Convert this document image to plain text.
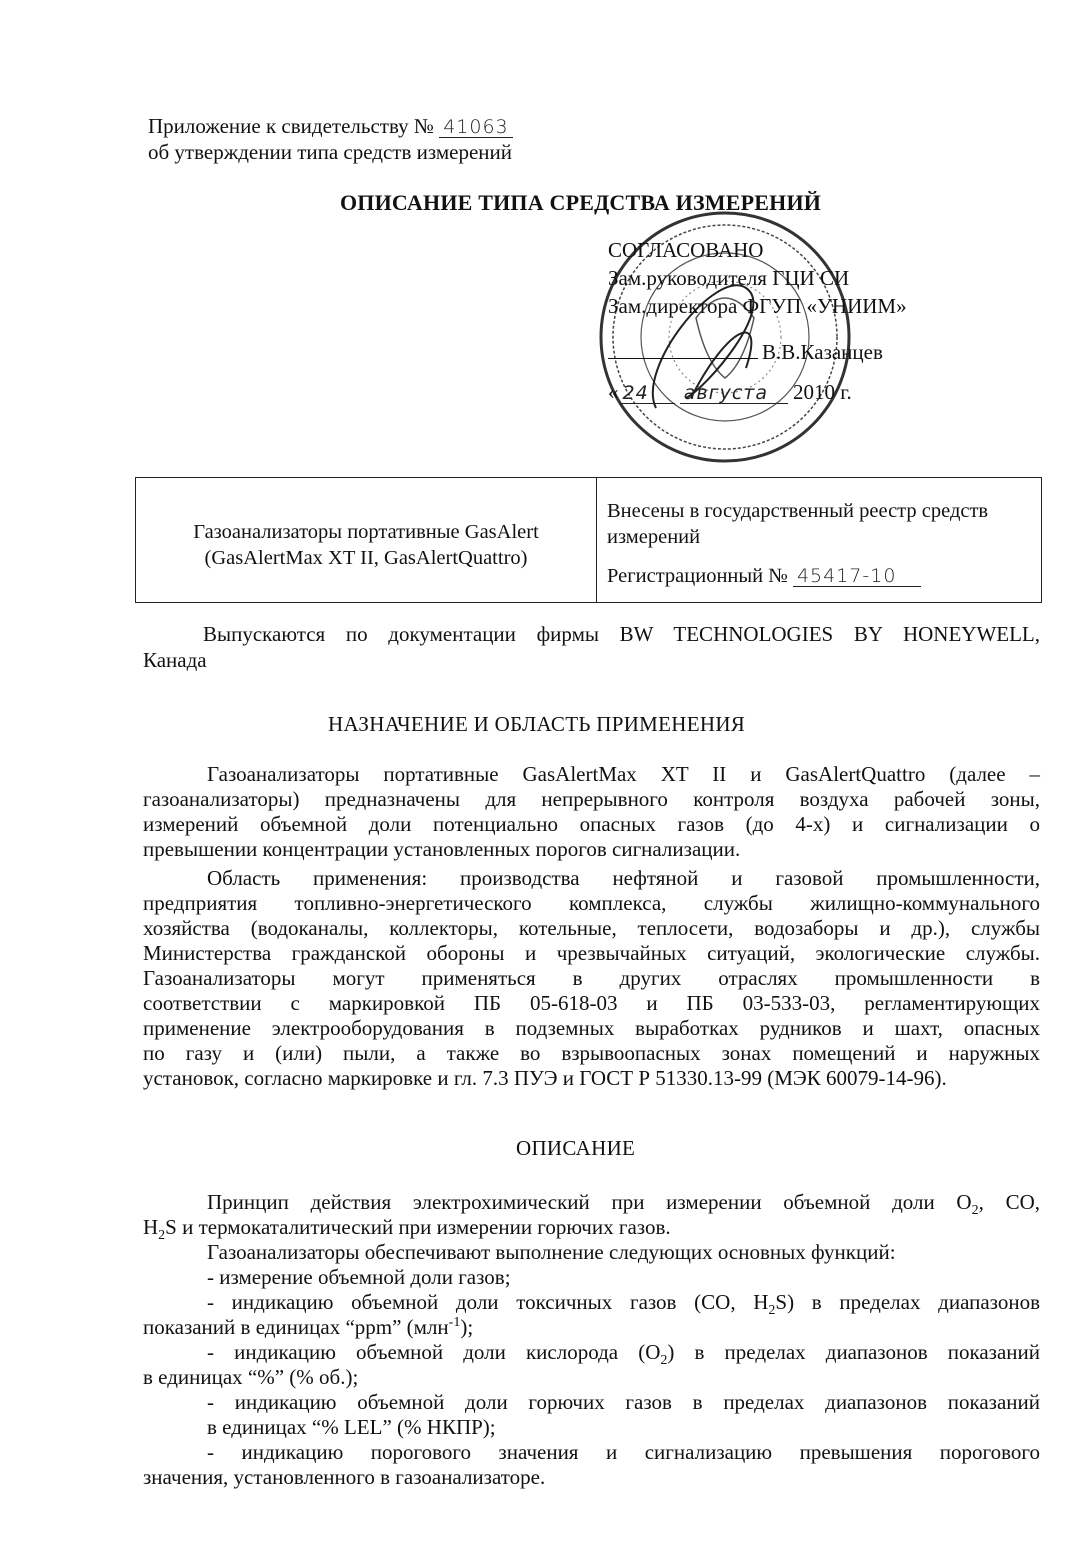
Приложение к свидетельству № 41063
об утверждении типа средств измерений
ОПИСАНИЕ ТИПА СРЕДСТВА ИЗМЕРЕНИЙ
СОГЛАСОВАНО
Зам.руководителя ГЦИ СИ
Зам.директора ФГУП «УНИИМ»
В.В.Казанцев
« 24 августа 2010 г.
Газоанализаторы портативные GasAlert
(GasAlertMax XT II, GasAlertQuattro)
Внесены в государственный реестр средств
измерений
Регистрационный № 45417-10
Выпускаются по документации фирмы BW TECHNOLOGIES BY HONEYWELL,
Канада
НАЗНАЧЕНИЕ И ОБЛАСТЬ ПРИМЕНЕНИЯ
Газоанализаторы портативные GasAlertMax XT II и GasAlertQuattro (далее –
газоанализаторы) предназначены для непрерывного контроля воздуха рабочей зоны,
измерений объемной доли потенциально опасных газов (до 4-х) и сигнализации о
превышении концентрации установленных порогов сигнализации.
Область применения: производства нефтяной и газовой промышленности,
предприятия топливно-энергетического комплекса, службы жилищно-коммунального
хозяйства (водоканалы, коллекторы, котельные, теплосети, водозаборы и др.), службы
Министерства гражданской обороны и чрезвычайных ситуаций, экологические службы.
Газоанализаторы могут применяться в других отраслях промышленности в
соответствии с маркировкой ПБ 05-618-03 и ПБ 03-533-03, регламентирующих
применение электрооборудования в подземных выработках рудников и шахт, опасных
по газу и (или) пыли, а также во взрывоопасных зонах помещений и наружных
установок, согласно маркировке и гл. 7.3 ПУЭ и ГОСТ Р 51330.13-99 (МЭК 60079-14-96).
ОПИСАНИЕ
Принцип действия электрохимический при измерении объемной доли $O_2$, CO,
$H_2S$ и термокаталитический при измерении горючих газов.
Газоанализаторы обеспечивают выполнение следующих основных функций:
- измерение объемной доли газов;
- индикацию объемной доли токсичных газов (CO, $H_2S$) в пределах диапазонов
показаний в единицах “ppm” (млн$^{-1}$);
- индикацию объемной доли кислорода $(O_2)$ в пределах диапазонов показаний
в единицах “%” (% об.);
- индикацию объемной доли горючих газов в пределах диапазонов показаний
в единицах “% LEL” (% НКПР);
- индикацию порогового значения и сигнализацию превышения порогового
значения, установленного в газоанализаторе.
